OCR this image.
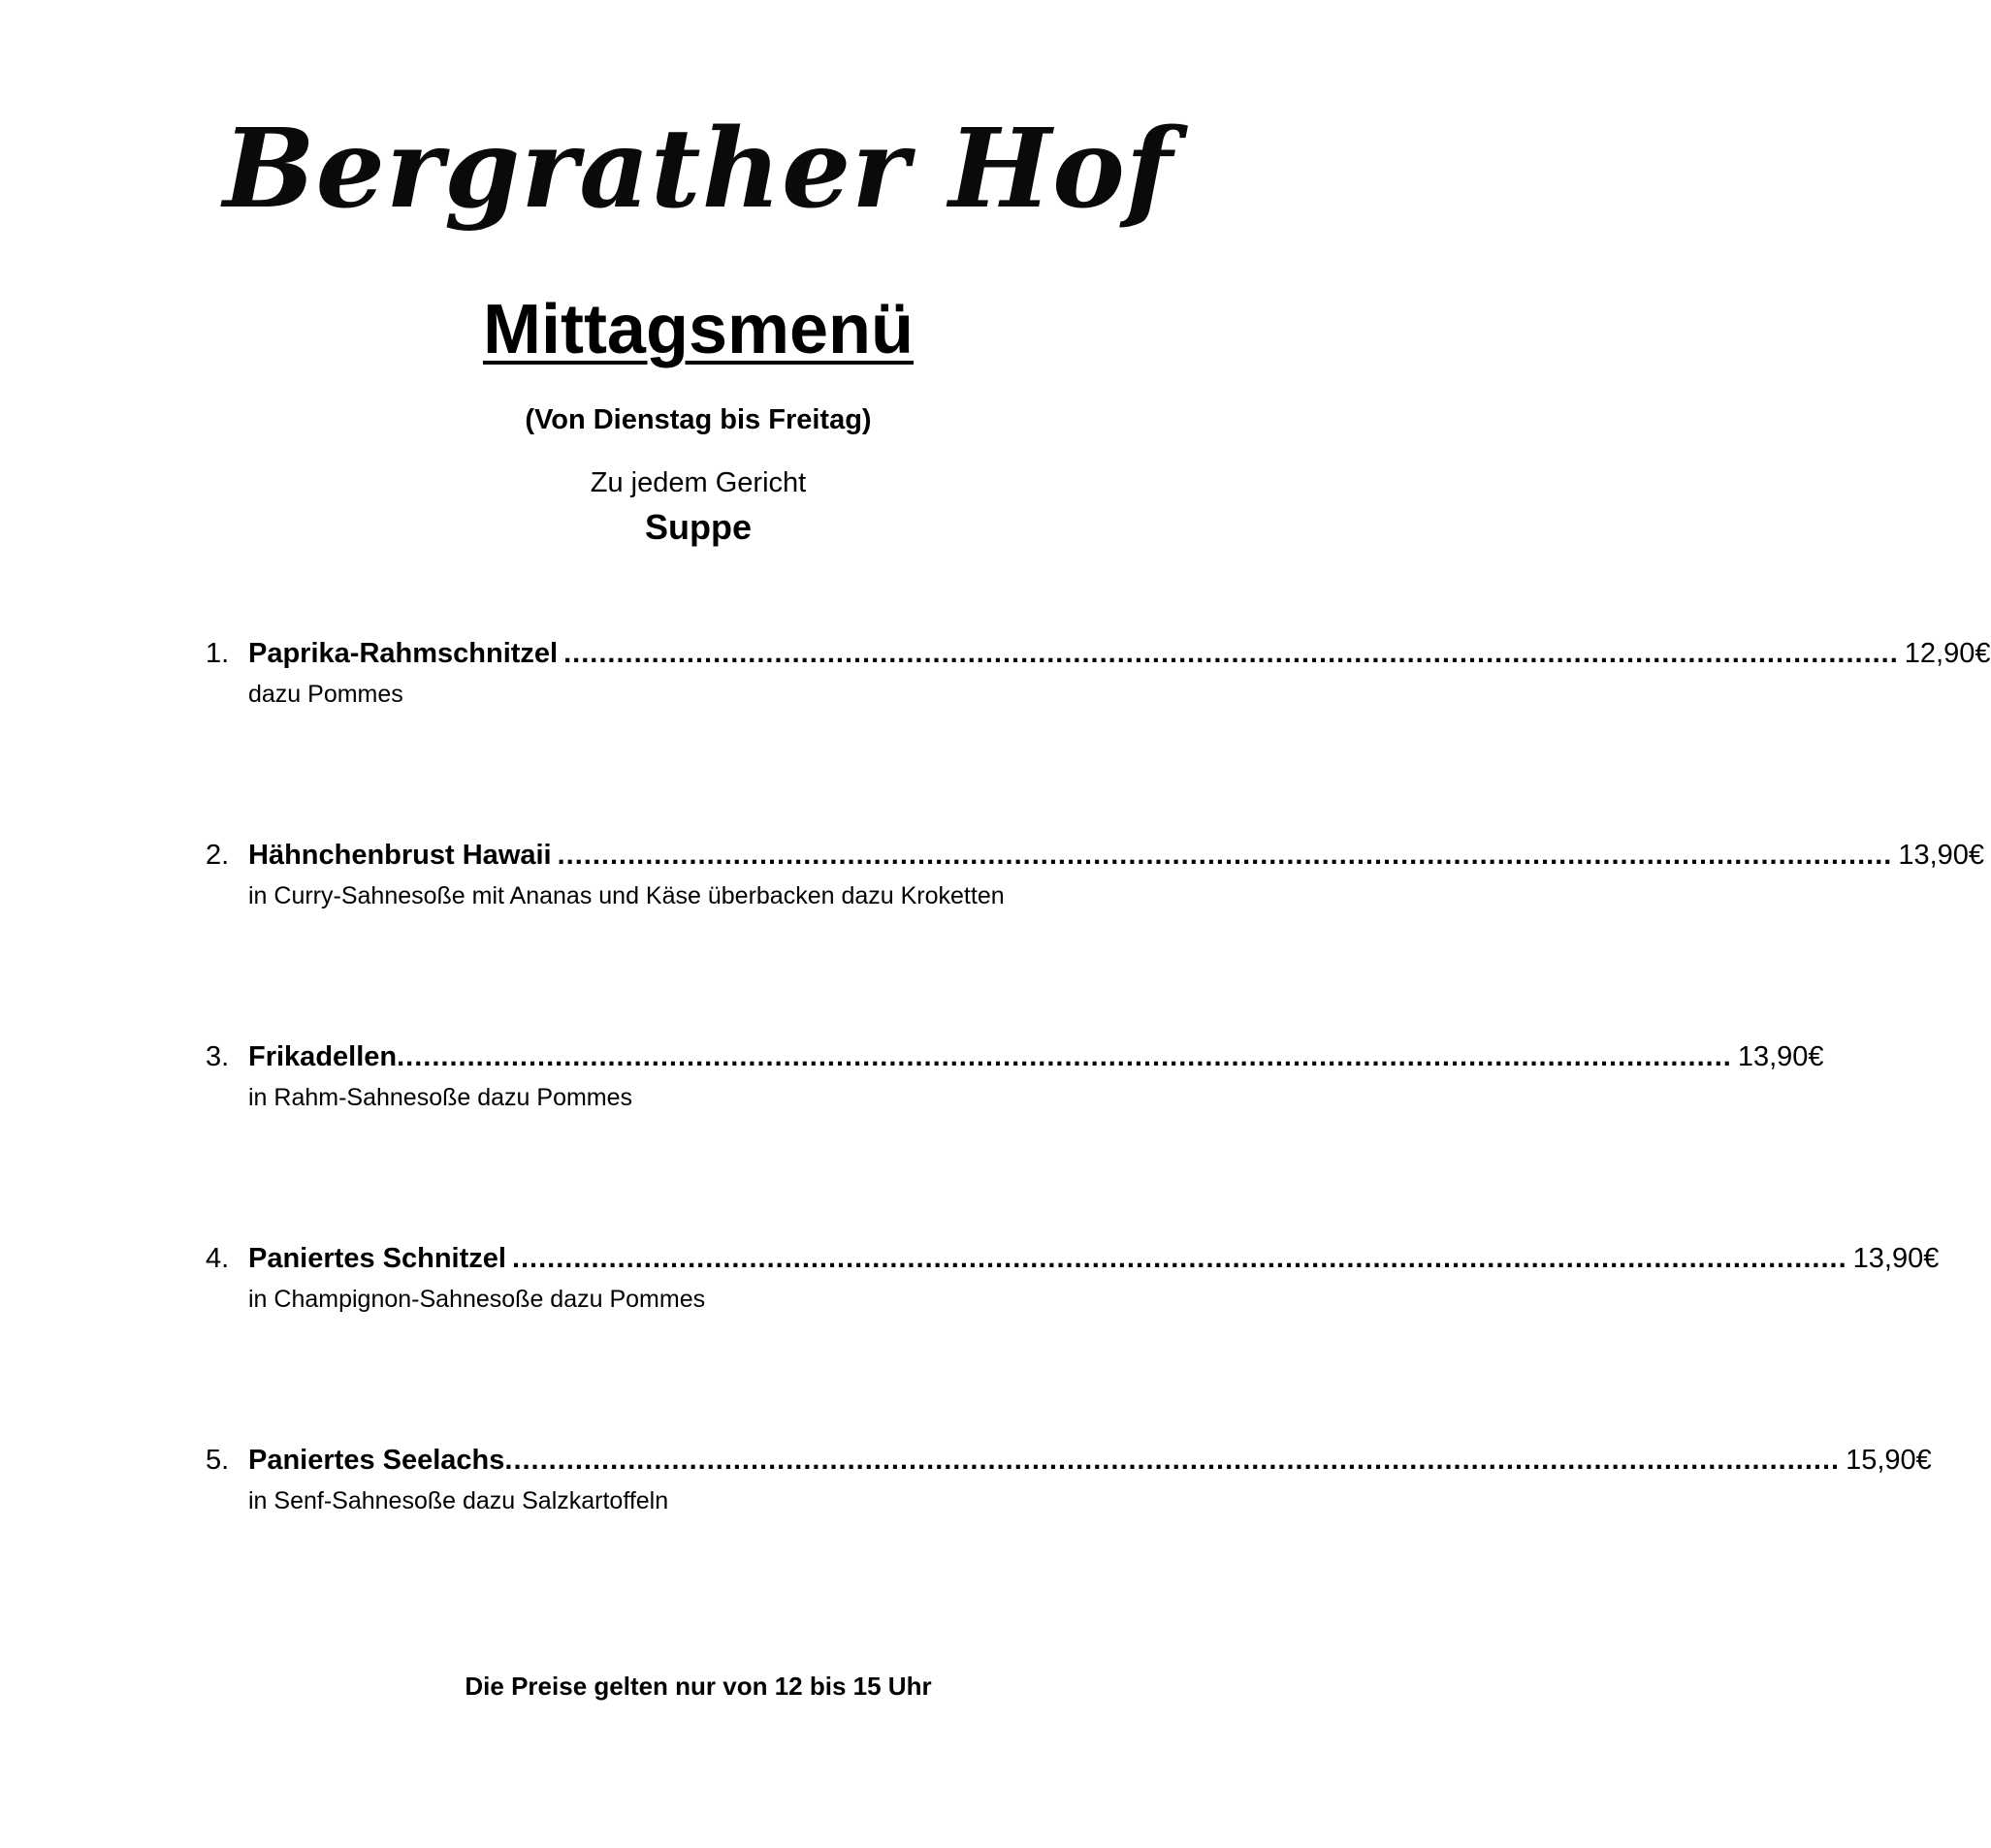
Bergrather Hof
Mittagsmenü
(Von Dienstag bis Freitag)
Zu jedem Gericht
Suppe
1. Paprika-Rahmschnitzel ........................................................................................................................................................ 12,90€
dazu Pommes
2. Hähnchenbrust Hawaii ........................................................................................................................................................ 13,90€
in Curry-Sahnesoße mit Ananas und Käse überbacken dazu Kroketten
3. Frikadellen ........................................................................................................................................................ 13,90€
in Rahm-Sahnesoße dazu Pommes
4. Paniertes Schnitzel ........................................................................................................................................................ 13,90€
in Champignon-Sahnesoße dazu Pommes
5. Paniertes Seelachs ........................................................................................................................................................ 15,90€
in Senf-Sahnesoße dazu Salzkartoffeln
Die Preise gelten nur von 12 bis 15 Uhr
